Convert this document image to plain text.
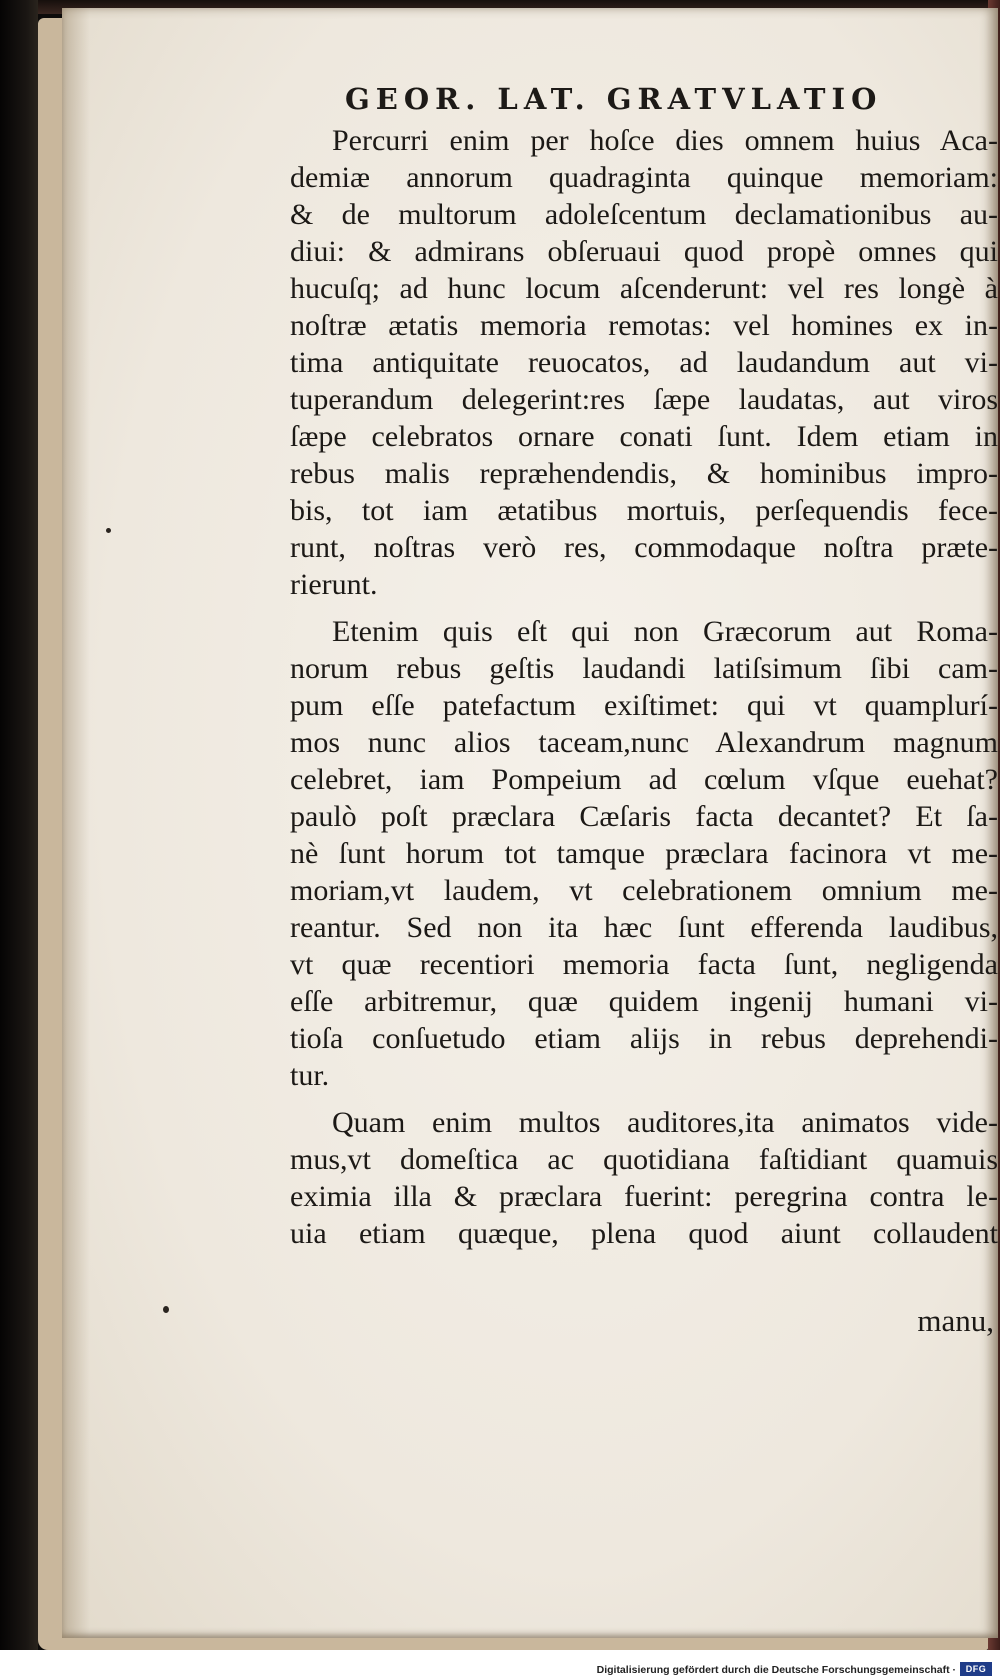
GEOR. LAT. GRATVLATIO
Percurri enim per hoſce dies omnem huius Aca-
demiæ annorum quadraginta quinque memoriam:
& de multorum adoleſcentum declamationibus au-
diui: & admirans obſeruaui quod propè omnes qui
hucuſq; ad hunc locum aſcenderunt: vel res longè à
noſtræ ætatis memoria remotas: vel homines ex in-
tima antiquitate reuocatos, ad laudandum aut vi-
tuperandum delegerint:res ſæpe laudatas, aut viros
ſæpe celebratos ornare conati ſunt. Idem etiam in
rebus malis repræhendendis, & hominibus impro-
bis, tot iam ætatibus mortuis, perſequendis fece-
runt, noſtras verò res, commodaque noſtra præte-
rierunt.
Etenim quis eſt qui non Græcorum aut Roma-
norum rebus geſtis laudandi latiſsimum ſibi cam-
pum eſſe patefactum exiſtimet: qui vt quamplurí-
mos nunc alios taceam,nunc Alexandrum magnum
celebret, iam Pompeium ad cœlum vſque euehat?
paulò poſt præclara Cæſaris facta decantet? Et ſa-
nè ſunt horum tot tamque præclara facinora vt me-
moriam,vt laudem, vt celebrationem omnium me-
reantur. Sed non ita hæc ſunt efferenda laudibus,
vt quæ recentiori memoria facta ſunt, negligenda
eſſe arbitremur, quæ quidem ingenij humani vi-
tioſa conſuetudo etiam alijs in rebus deprehendi-
tur.
Quam enim multos auditores,ita animatos vide-
mus,vt domeſtica ac quotidiana faſtidiant quamuis
eximia illa & præclara fuerint: peregrina contra le-
uia etiam quæque, plena quod aiunt collaudent
manu,
Digitalisierung gefördert durch die Deutsche Forschungsgemeinschaft ·	DFG
